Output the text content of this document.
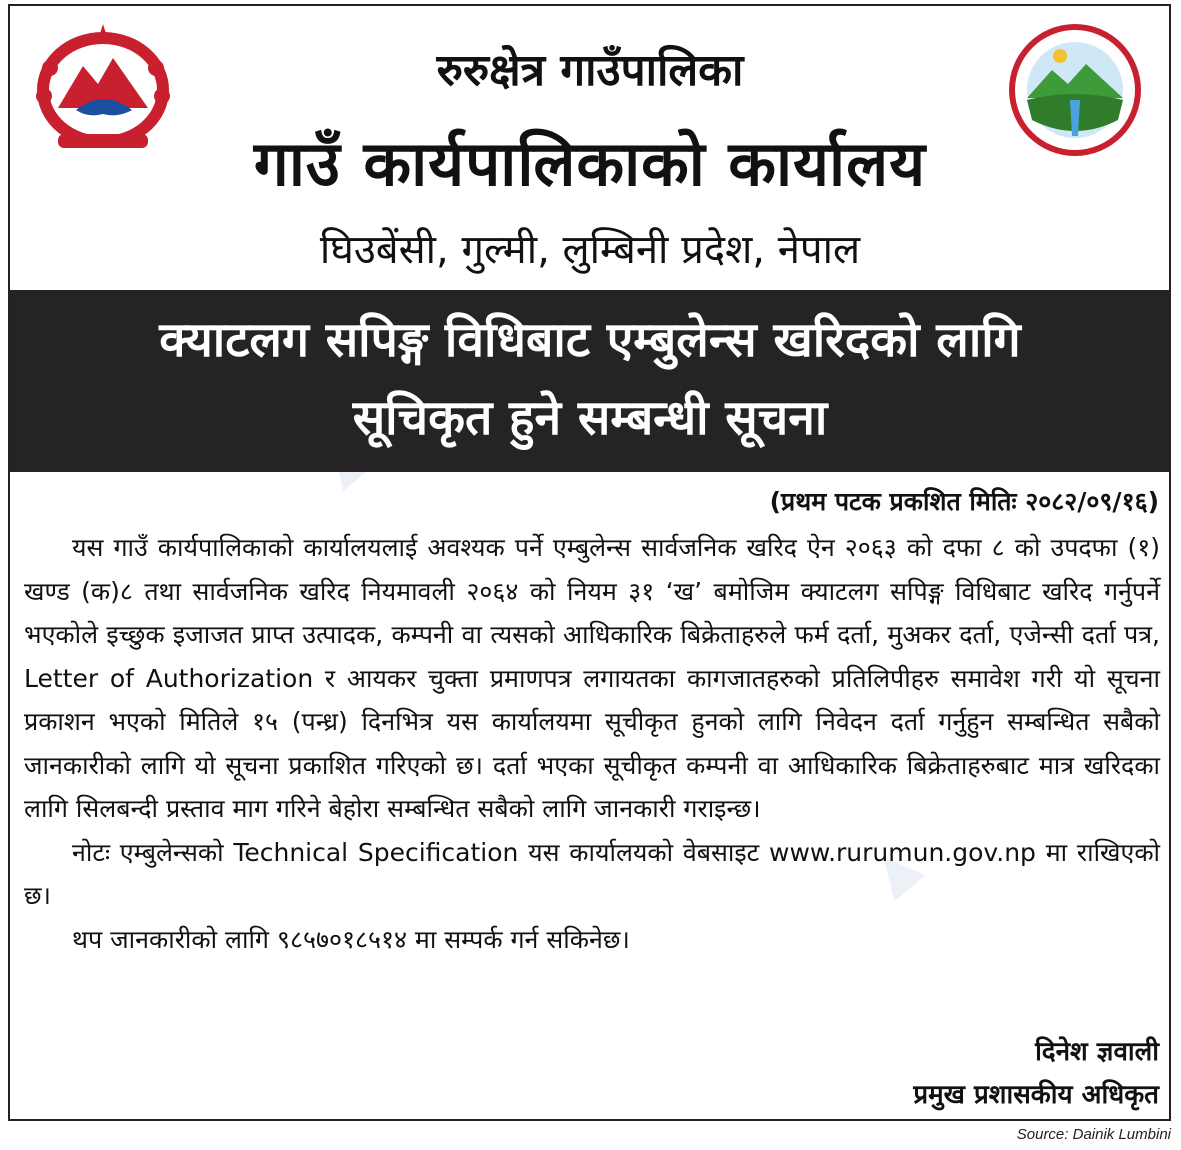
▲
रुरुक्षेत्र गाउँपालिका
गाउँ कार्यपालिकाको कार्यालय
घिउबेंसी, गुल्मी, लुम्बिनी प्रदेश, नेपाल
क्याटलग सपिङ्ग विधिबाट एम्बुलेन्स खरिदको लागि
सूचिकृत हुने सम्बन्धी सूचना
(प्रथम पटक प्रकशित मितिः २०८२/०९/१६)

यस गाउँ कार्यपालिकाको कार्यालयलाई अवश्यक पर्ने एम्बुलेन्स सार्वजनिक खरिद ऐन २०६३ को दफा ८ को उपदफा (१) खण्ड (क)८ तथा सार्वजनिक खरिद नियमावली २०६४ को नियम ३१ ‘ख’ बमोजिम क्याटलग सपिङ्ग विधिबाट खरिद गर्नुपर्ने भएकोले इच्छुक इजाजत प्राप्त उत्पादक, कम्पनी वा त्यसको आधिकारिक बिक्रेताहरुले फर्म दर्ता, मुअकर दर्ता, एजेन्सी दर्ता पत्र, Letter of Authorization र आयकर चुक्ता प्रमाणपत्र लगायतका कागजातहरुको प्रतिलिपीहरु समावेश गरी यो सूचना प्रकाशन भएको मितिले १५ (पन्ध्र) दिनभित्र यस कार्यालयमा सूचीकृत हुनको लागि निवेदन दर्ता गर्नुहुन सम्बन्धित सबैको जानकारीको लागि यो सूचना प्रकाशित गरिएको छ। दर्ता भएका सूचीकृत कम्पनी वा आधिकारिक बिक्रेताहरुबाट मात्र खरिदका लागि सिलबन्दी प्रस्ताव माग गरिने बेहोरा सम्बन्धित सबैको लागि जानकारी गराइन्छ।

नोटः एम्बुलेन्सको Technical Specification यस कार्यालयको वेबसाइट www.rurumun.gov.np मा राखिएको छ।

थप जानकारीको लागि ९८५७०१८५१४ मा सम्पर्क गर्न सकिनेछ।

दिनेश ज्ञवाली
प्रमुख प्रशासकीय अधिकृत
Source: Dainik Lumbini
